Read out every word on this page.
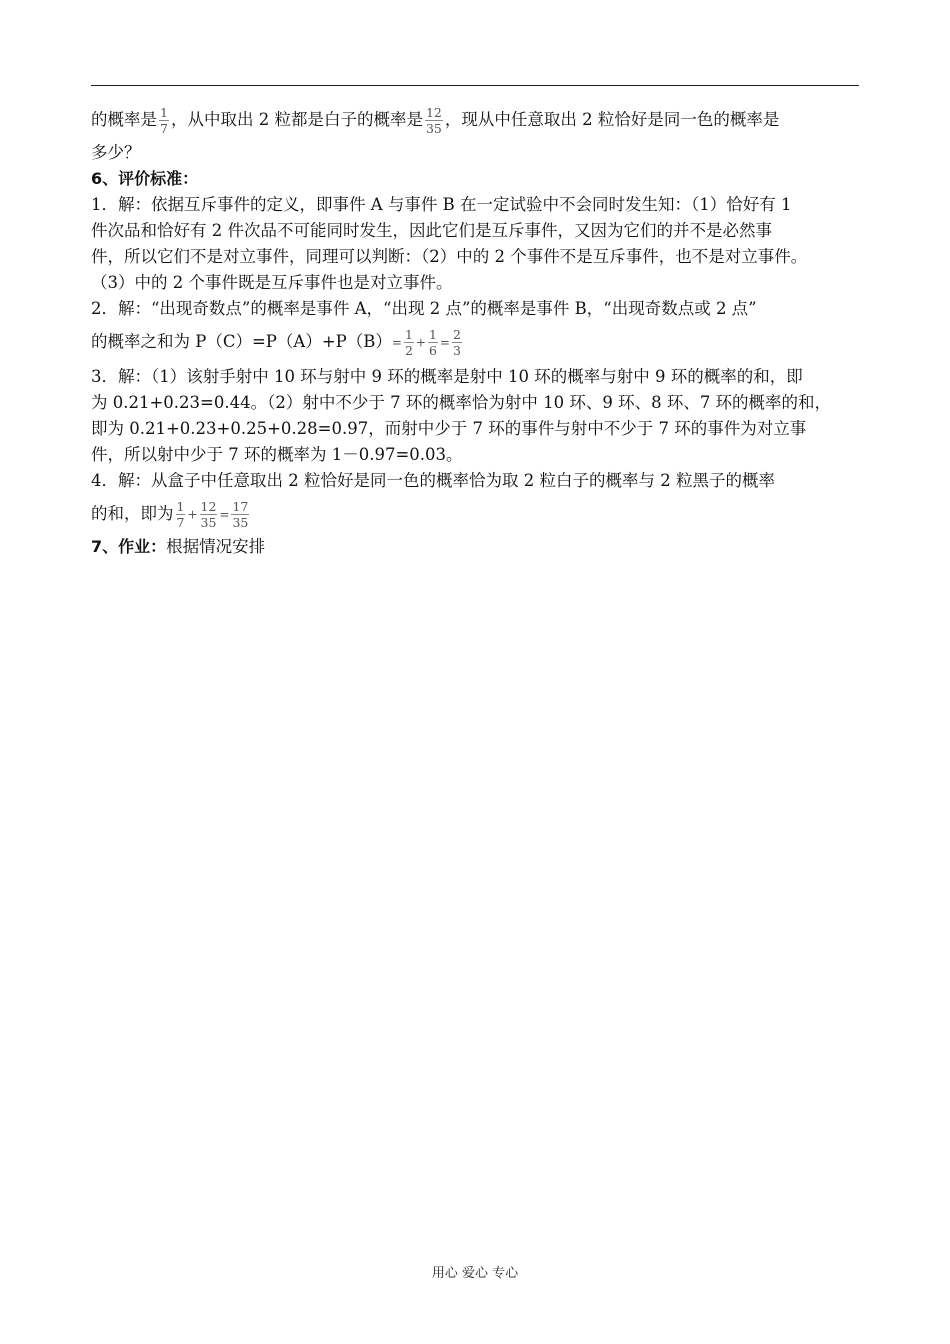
的概率是 $\frac{1}{7}$ ，从中取出 2 粒都是白子的概率是 $\frac{12}{35}$ ，现从中任意取出 2 粒恰好是同一色的概率是
多少？
6、评价标准：
1．解：依据互斥事件的定义，即事件 A 与事件 B 在一定试验中不会同时发生知：（1）恰好有 1
件次品和恰好有 2 件次品不可能同时发生，因此它们是互斥事件，又因为它们的并不是必然事
件，所以它们不是对立事件，同理可以判断：（2）中的 2 个事件不是互斥事件，也不是对立事件。
（3）中的 2 个事件既是互斥事件也是对立事件。
2．解：“出现奇数点”的概率是事件 A，“出现 2 点”的概率是事件 B，“出现奇数点或 2 点”
的概率之和为 $P(C)=P(A)+P(B)= \frac{1}{2} + \frac{1}{6} = \frac{2}{3}$
3．解：（1）该射手射中 10 环与射中 9 环的概率是射中 10 环的概率与射中 9 环的概率的和，即
为 0.21+0.23=0.44。（2）射中不少于 7 环的概率恰为射中 10 环、9 环、8 环、7 环的概率的和，
即为 0.21+0.23+0.25+0.28=0.97，而射中少于 7 环的事件与射中不少于 7 环的事件为对立事
件，所以射中少于 7 环的概率为 1－0.97=0.03。
4．解：从盒子中任意取出 2 粒恰好是同一色的概率恰为取 2 粒白子的概率与 2 粒黑子的概率
的和，即为 $\frac{1}{7} + \frac{12}{35} = \frac{17}{35}$
7、作业：根据情况安排
用心 爱心 专心
